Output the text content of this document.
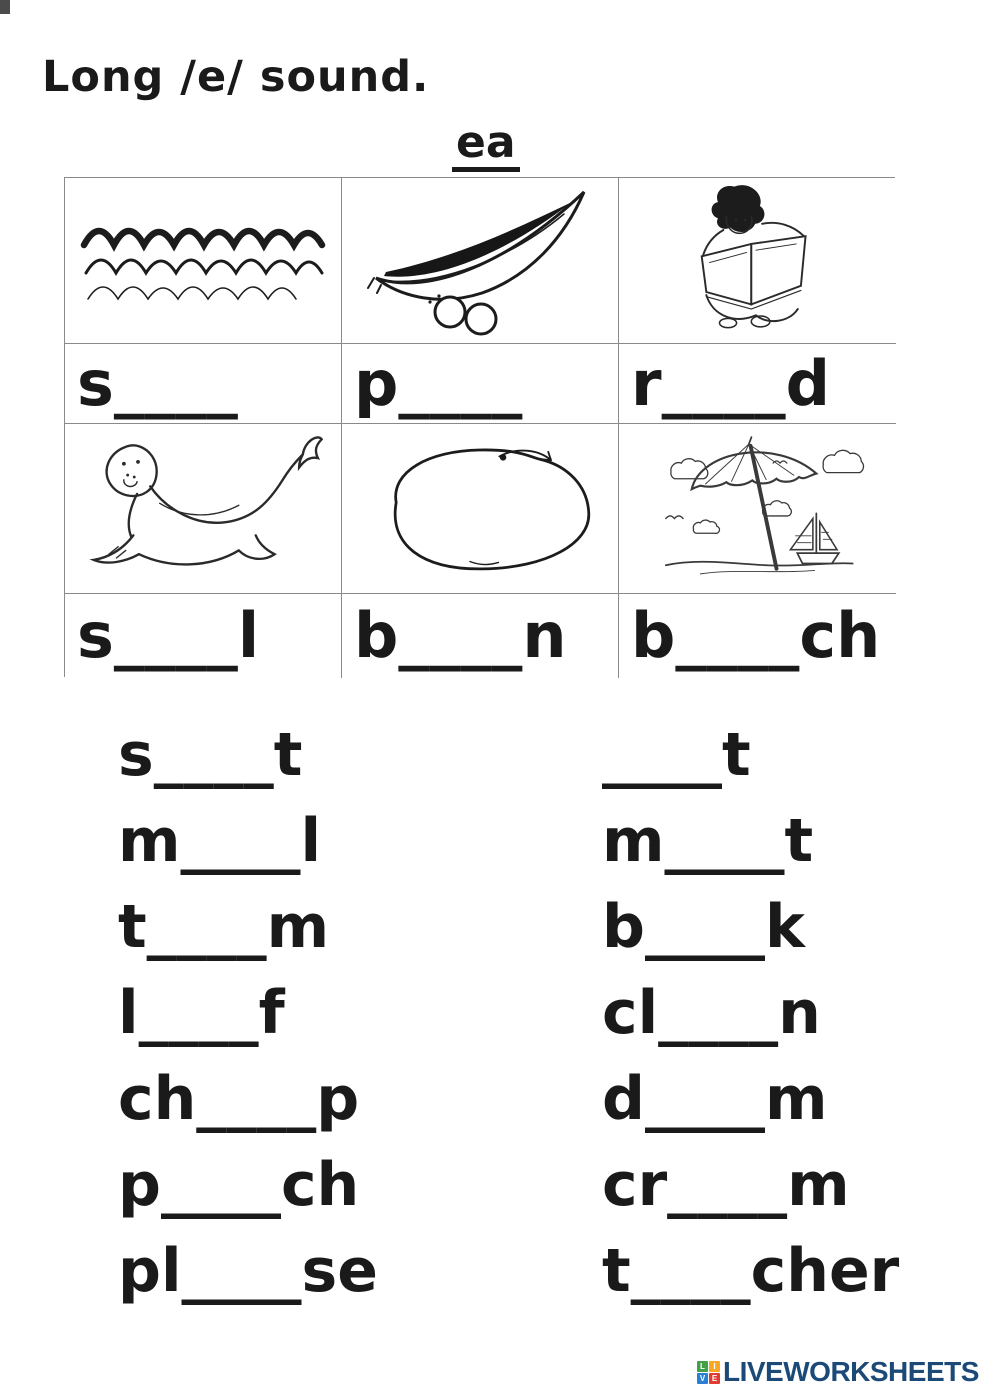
Long /e/ sound.
ea
s____ p____ r____d
s____l b____n b____ch
s____t
m____l
t____m
l____f
ch____p
p____ch
pl____se
____t
m____t
b____k
cl____n
d____m
cr____m
t____cher
L	I
V E LIVEWORKSHEETS
